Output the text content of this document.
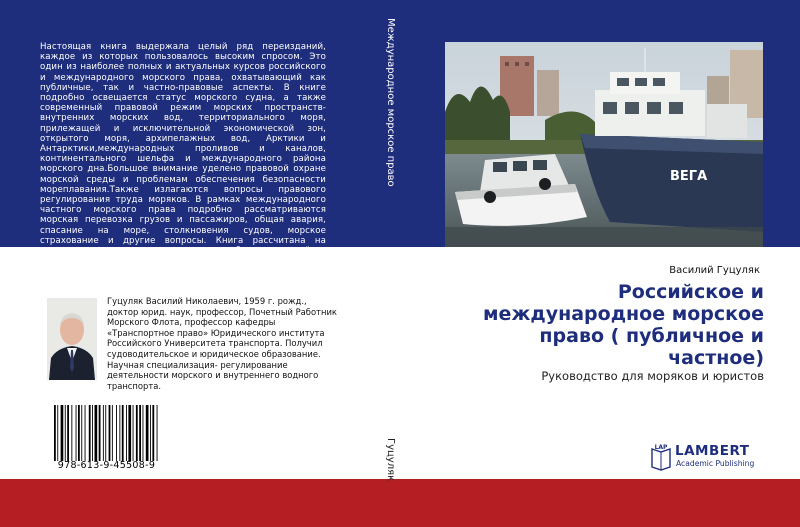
Настоящая книга выдержала целый ряд переизданий, каждое из которых пользовалось высоким спросом. Это один из наиболее полных и актуальных курсов российского и международного морского права, охватывающий как публичные, так и частно-правовые аспекты. В книге подробно освещается статус морского судна, а также современный правовой режим морских пространств- внутренних морских вод, территориального моря, прилежащей и исключительной экономической зон, открытого моря, архипелажных вод, Арктики и Антарктики,международных проливов и каналов, континентального шельфа и международного района морского дна.Большое внимание уделено правовой охране морской среды и проблемам обеспечения безопасности мореплавания.Также излагаются вопросы правового регулирования труда моряков. В рамках международного частного морского права подробно рассматриваются морская перевозка грузов и пассажиров, общая авария, спасание на море, столкновения судов, морское страхование и другие вопросы. Книга рассчитана на моряков, юристов, а также студентов учебных заведений.
Международное морское право
Гуцуляк
ВЕГА
Василий Гуцуляк
Российское и международное морское право ( публичное и частное)
Руководство для моряков и юристов
Гуцуляк Василий Николаевич, 1959 г. рожд., доктор юрид. наук, профессор, Почетный Работник Морского Флота, профессор кафедры «Транспортное право» Юридического института Российского Университета транспорта. Получил судоводительское и юридическое образование. Научная специализация- регулирование деятельности морского и внутреннего водного транспорта.
978-613-9-45508-9
LAP LAMBERT
Academic Publishing
